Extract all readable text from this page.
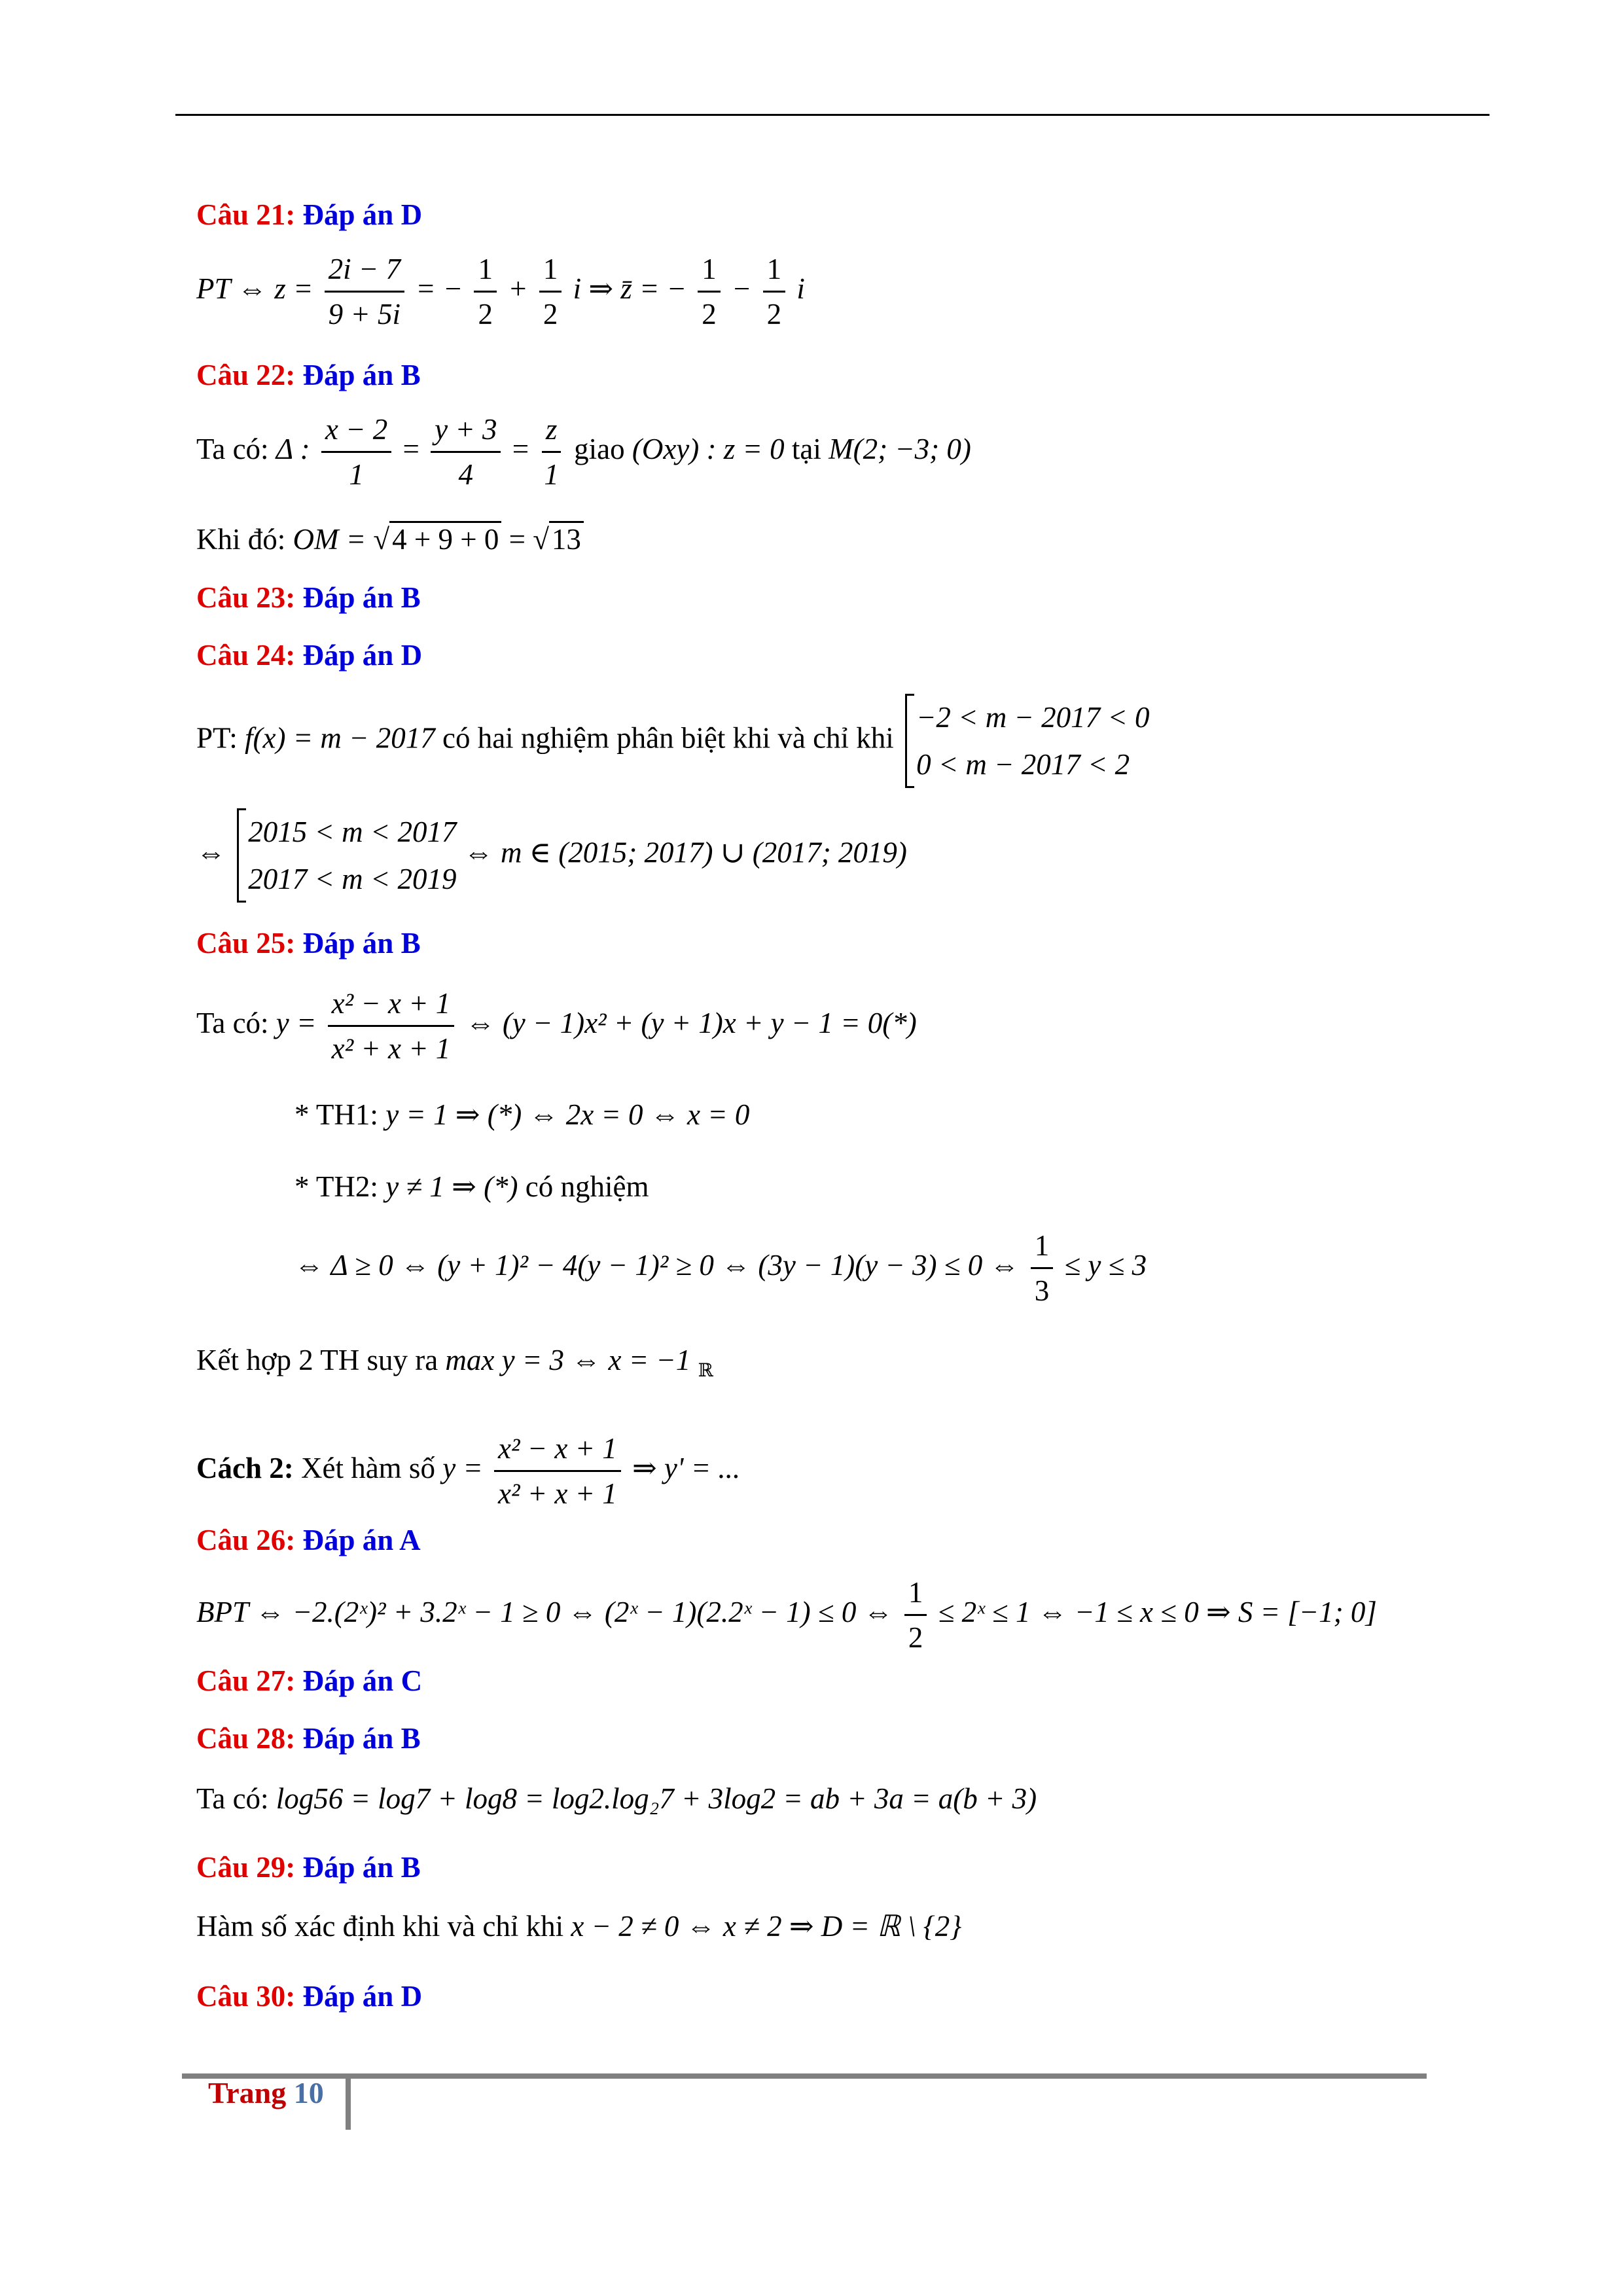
Câu 21: Đáp án D
PT ⇔ $z = \frac{2i - 7}{9 + 5i}$ = − $\frac{1}{2} + \frac{1}{2}$ i ⇒ z̄ = − $\frac{1}{2} - \frac{1}{2}$ i
Câu 22: Đáp án B
Ta có: Δ : $\frac{x - 2}{1} = \frac{y + 3}{4} = \frac{z}{1}$ giao (Oxy) : z = 0 tại M(2; −3; 0)
Khi đó: OM = √4 + 9 + 0 = √13
Câu 23: Đáp án B
Câu 24: Đáp án D
PT: f(x) = m − 2017 có hai nghiệm phân biệt khi và chỉ khi
−2 < m − 2017 < 0
0 < m − 2017 < 2
⇔
2015 < m < 2017
2017 < m < 2019
⇔ m ∈ (2015; 2017) ∪ (2017; 2019)
Câu 25: Đáp án B
Ta có: $y = \frac{\text{x² − x + 1}}{\text{x² + x + 1}}$ ⇔ (y − 1)x² + (y + 1)x + y − 1 = 0(*)
* TH1: y = 1 ⇒ (*) ⇔ 2x = 0 ⇔ x = 0
* TH2: y ≠ 1 ⇒ (*) có nghiệm
⇔ Δ ≥ 0 ⇔ (y + 1)² − 4(y − 1)² ≥ 0 ⇔ (3y − 1)(y − 3) ≤ 0 ⇔ $\frac{1}{3} \le y \le 3$
Kết hợp 2 TH suy ra max y = 3 ⇔ x = −1 $_ℝ$
Cách 2: Xét hàm số $y = \frac{\text{x² − x + 1}}{\text{x² + x + 1}}$ ⇒ y' = ...
Câu 26: Đáp án A
BPT ⇔ −2.(2ˣ)² + 3.2ˣ − 1 ≥ 0 ⇔ (2ˣ − 1)(2.2ˣ − 1) ≤ 0 ⇔ $\frac{1}{2}$ ≤ 2ˣ ≤ 1 ⇔ −1 ≤ x ≤ 0 ⇒ S = [−1; 0]
Câu 27: Đáp án C
Câu 28: Đáp án B
Ta có: log56 = log7 + log8 = log2.log₂7 + 3log2 = ab + 3a = a(b + 3)
Câu 29: Đáp án B
Hàm số xác định khi và chỉ khi x − 2 ≠ 0 ⇔ x ≠ 2 ⇒ D = ℝ \ {2}
Câu 30: Đáp án D
Trang 10
